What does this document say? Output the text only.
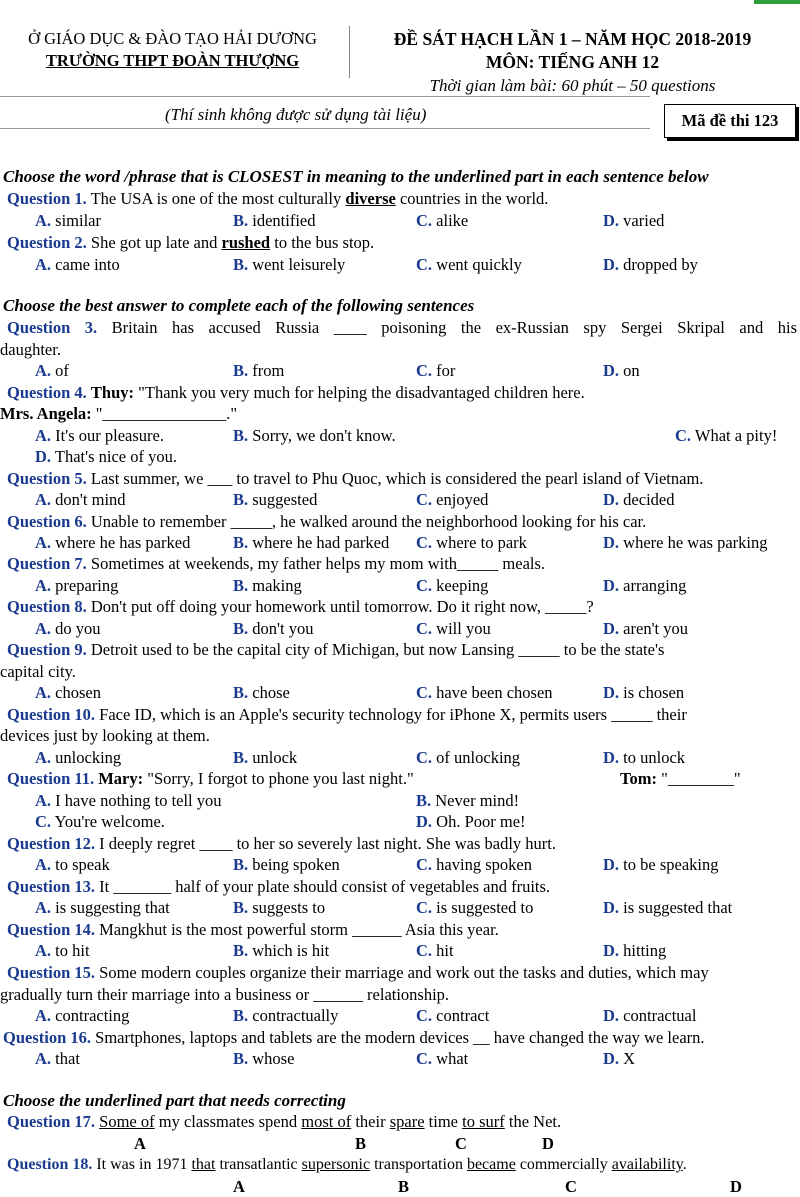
Ở GIÁO DỤC & ĐÀO TẠO HẢI DƯƠNG
TRƯỜNG THPT ĐOÀN THƯỢNG
ĐỀ SÁT HẠCH LẦN 1 – NĂM HỌC 2018-2019
MÔN: TIẾNG ANH 12
Thời gian làm bài: 60 phút – 50 questions
(Thí sinh không được sử dụng tài liệu)	Mã đề thi 123
Choose the word /phrase that is CLOSEST in meaning to the underlined part in each sentence below
Question 1. The USA is one of the most culturally diverse countries in the world.
A. similar	B. identified	C. alike	D. varied
Question 2. She got up late and rushed to the bus stop.
A. came into	B. went leisurely	C. went quickly	D. dropped by
Choose the best answer to complete each of the following sentences
Question 3. Britain has accused Russia ____ poisoning the ex-Russian spy Sergei Skripal and his
daughter.
A. of	B. from	C. for	D. on
Question 4. Thuy: "Thank you very much for helping the disadvantaged children here.
Mrs. Angela: "_______________."
A. It's our pleasure.	B. Sorry, we don't know.	C. What a pity!
D. That's nice of you.
Question 5. Last summer, we ___ to travel to Phu Quoc, which is considered the pearl island of Vietnam.
A. don't mind	B. suggested	C. enjoyed	D. decided
Question 6. Unable to remember _____, he walked around the neighborhood looking for his car.
A. where he has parked	B. where he had parked C. where to park	D. where he was parking
Question 7. Sometimes at weekends, my father helps my mom with_____ meals.
A. preparing	B. making	C. keeping	D. arranging
Question 8. Don't put off doing your homework until tomorrow. Do it right now, _____?
A. do you	B. don't you	C. will you	D. aren't you
Question 9. Detroit used to be the capital city of Michigan, but now Lansing _____ to be the state's
capital city.
A. chosen	B. chose	C. have been chosen	D. is chosen
Question 10. Face ID, which is an Apple's security technology for iPhone X, permits users _____ their
devices just by looking at them.
A. unlocking	B. unlock	C. of unlocking	D. to unlock
Question 11. Mary: "Sorry, I forgot to phone you last night."	Tom: "________"
A. I have nothing to tell you	B. Never mind!
C. You're welcome.	D. Oh. Poor me!
Question 12. I deeply regret ____ to her so severely last night. She was badly hurt.
A. to speak	B. being spoken	C. having spoken	D. to be speaking
Question 13. It _______ half of your plate should consist of vegetables and fruits.
A. is suggesting that	B. suggests to	C. is suggested to	D. is suggested that
Question 14. Mangkhut is the most powerful storm ______ Asia this year.
A. to hit	B. which is hit	C. hit	D. hitting
Question 15. Some modern couples organize their marriage and work out the tasks and duties, which may
gradually turn their marriage into a business or ______ relationship.
A. contracting	B. contractually	C. contract	D. contractual
Question 16. Smartphones, laptops and tablets are the modern devices __ have changed the way we learn.
A. that	B. whose	C. what	D. X
Choose the underlined part that needs correcting
Question 17. Some of my classmates spend most of their spare time to surf the Net.
A	B	C	D
Question 18. It was in 1971 that transatlantic supersonic transportation became commercially availability.
A	B	C	D
